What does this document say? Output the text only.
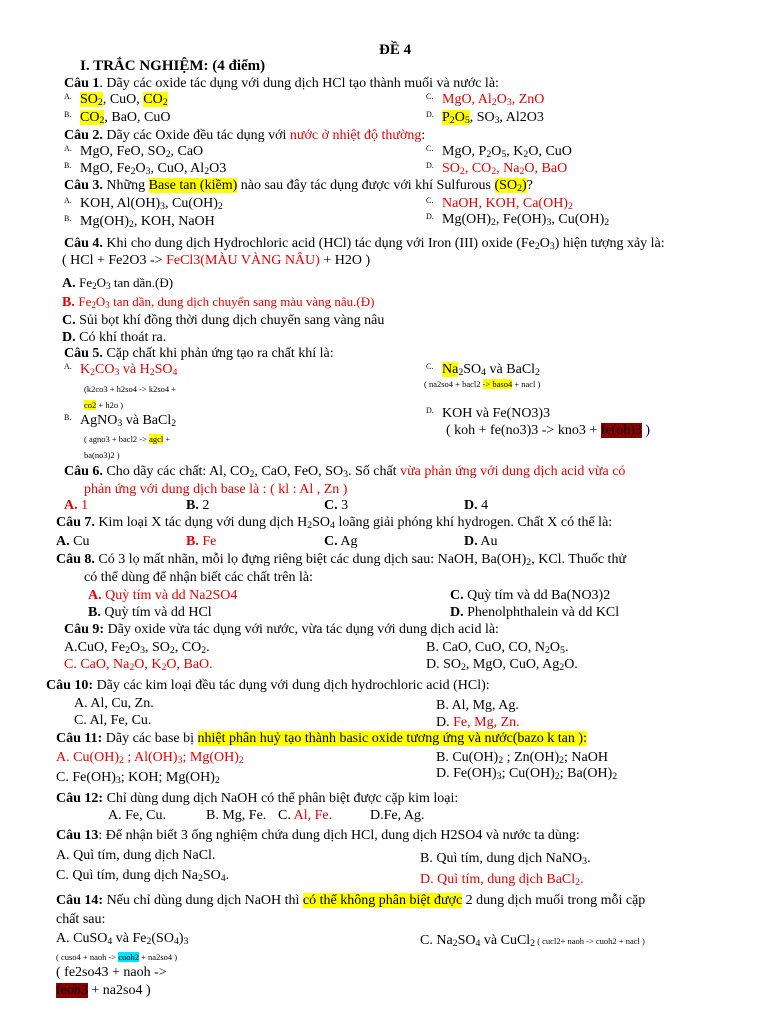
ĐỀ 4
I. TRẮC NGHIỆM: (4 điểm)
Câu 1. Dãy các oxide tác dụng với dung dịch HCl tạo thành muối và nước là:
A. $SO_2$, CuO, $CO_2$
C. MgO, $Al_2O_3$, ZnO
B. $CO_2$, BaO, CuO	D. $P_2O_5$, $SO_3$, Al2O3
Câu 2. Dãy các Oxide đều tác dụng với nước ở nhiệt độ thường:
A. MgO, FeO, $SO_2$, CaO	C. MgO, $P_2O_5$, $K_2O$, CuO
B. MgO, $Fe_2O_3$, CuO, $Al_2O3$	D. $SO_2$, $CO_2$, $Na_2O$, BaO
Câu 3. Những Base tan (kiềm) nào sau đây tác dụng được với khí Sulfurous $(SO_2)$?
A. KOH, $Al(OH)_3$, $Cu(OH)_2$
C. NaOH, KOH, $Ca(OH)_2$
B. $Mg(OH)_2$, KOH, NaOH	D. $Mg(OH)_2$, $Fe(OH)_3$, $Cu(OH)_2$
Câu 4. Khi cho dung dịch Hydrochloric acid (HCl) tác dụng với Iron (III) oxide $(Fe_2O_3)$ hiện tượng xảy là:
( HCl + Fe2O3 -> FeCl3(MÀU VÀNG NÂU) + H2O )
A. $Fe_2O_3$ tan dần.(Đ)
B. $Fe_2O_3$ tan dần, dung dịch chuyển sang màu vàng nâu.(Đ)
C. Sủi bọt khí đồng thời dung dịch chuyển sang vàng nâu
D. Có khí thoát ra.
Câu 5. Cặp chất khi phản ứng tạo ra chất khí là:
A. $K_2CO_3$ và $H_2SO_4$
(k2co3 + h2so4 -> k2so4 +
co2 + h2o )
B. AgNO$_3$ và BaCl$_2$
( agno3 + bacl2 -> agcl +
ba(no3)2 )
C. $Na_2SO_4$ và BaCl$_2$
( na2so4 + bacl2 -> baso4 + nacl )
D. KOH và Fe(NO3)3
( koh + fe(no3)3 -> kno3 + fe(oh)3 )
Câu 6. Cho dãy các chất: Al, $CO_2$, CaO, FeO, $SO_3$. Số chất vừa phản ứng với dung dịch acid vừa có
phản ứng với dung dịch base là : ( kl : Al , Zn )
A. 1	B. 2	C. 3	D. 4
Câu 7. Kim loại X tác dụng với dung dịch $H_2SO_4$ loãng giải phóng khí hydrogen. Chất X có thể là:
A. Cu	B. Fe	C. Ag	D. Au
Câu 8. Có 3 lọ mất nhãn, mỗi lọ đựng riêng biệt các dung dịch sau: NaOH, $Ba(OH)_2$, KCl. Thuốc thử
có thể dùng để nhận biết các chất trên là:
A. Quỳ tím và dd Na2SO4	C. Quỳ tím và dd Ba(NO3)2
B. Quỳ tím và dd HCl	D. Phenolphthalein và dd KCl
Câu 9: Dãy oxide vừa tác dụng với nước, vừa tác dụng với dung dịch acid là:
A.CuO, $Fe_2O_3$, $SO_2$, $CO_2$.	B. CaO, CuO, CO, $N_2O_5$.
C. CaO, $Na_2O$, $K_2O$, BaO.	D. $SO_2$, MgO, CuO, $Ag_2O$.
Câu 10: Dãy các kim loại đều tác dụng với dung dịch hydrochloric acid (HCl):
A. Al, Cu, Zn.	B. Al, Mg, Ag.
C. Al, Fe, Cu.	D. Fe, Mg, Zn.
Câu 11: Dãy các base bị nhiệt phân huỷ tạo thành basic oxide tương ứng và nước(bazo k tan ):
A. $Cu(OH)_2$ ; $Al(OH)_3$; $Mg(OH)_2$	B. $Cu(OH)_2$ ; $Zn(OH)_2$; NaOH
C. $Fe(OH)_3$; KOH; $Mg(OH)_2$	D. $Fe(OH)_3$; $Cu(OH)_2$; $Ba(OH)_2$
Câu 12: Chỉ dùng dung dịch NaOH có thể phân biệt được cặp kim loại:
A. Fe, Cu.	B. Mg, Fe. C. Al, Fe.	D.Fe, Ag.
Câu 13: Để nhận biết 3 ống nghiệm chứa dung dịch HCl, dung dịch H2SO4 và nước ta dùng:
A. Quì tím, dung dịch NaCl.	B. Quì tím, dung dịch NaNO$_3$.
C. Quì tím, dung dịch $Na_2SO_4$.	D. Quì tím, dung dịch BaCl$_2$.
Câu 14: Nếu chỉ dùng dung dịch NaOH thì có thể không phân biệt được 2 dung dịch muối trong mỗi cặp
chất sau:
A. CuSO$_4$ và $Fe_2(SO_4)_3$
( cuso4 + naoh -> cuoh2 + na2so4 )
( fe2so43 + naoh ->
feoh3 + na2so4 )
C. $Na_2SO_4$ và CuCl$_2$ ( cucl2+ naoh -> cuoh2 + nacl )
